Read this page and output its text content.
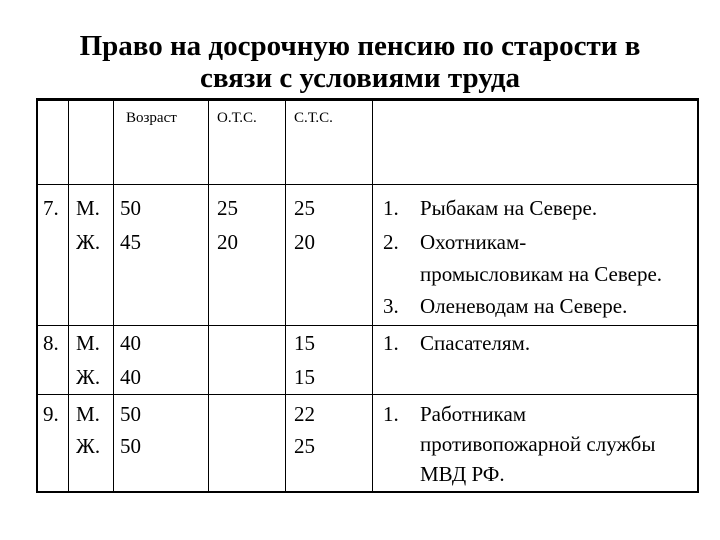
Право на досрочную пенсию по старости в
связи с условиями труда
Возраст	О.Т.С. С.Т.С.
7. М.
Ж.
50
45
25
20
25
20
1. Рыбакам на Севере.
2. Охотникам-
промысловикам на Севере.
3. Оленеводам на Севере.
8. М.
Ж.
40
40
15
15
1. Спасателям.
9. М.
Ж.
50
50
22
25
1. Работникам
противопожарной службы
МВД РФ.
